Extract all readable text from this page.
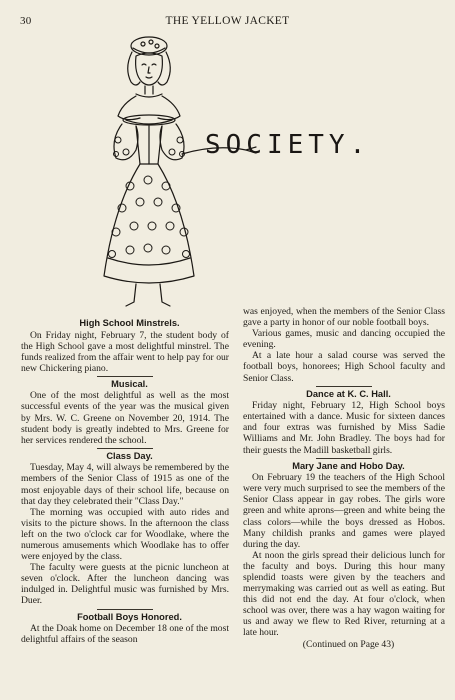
30	THE YELLOW JACKET
SOCIETY.

High School Minstrels.

On Friday night, February 7, the student body of the High School gave a most delightful minstrel. The funds realized from the affair went to help pay for our new Chickering piano.

Musical.

One of the most delightful as well as the most successful events of the year was the musical given by Mrs. W. C. Greene on November 20, 1914. The student body is greatly indebted to Mrs. Greene for her services rendered the school.

Class Day.

Tuesday, May 4, will always be remembered by the members of the Senior Class of 1915 as one of the most enjoyable days of their school life, because on that day they celebrated their "Class Day."

The morning was occupied with auto rides and visits to the picture shows. In the afternoon the class left on the two o'clock car for Woodlake, where the numerous amusements which Woodlake has to offer were enjoyed by the class.

The faculty were guests at the picnic luncheon at seven o'clock. After the luncheon dancing was indulged in. Delightful music was furnished by Mrs. Duer.

Football Boys Honored.

At the Doak home on December 18 one of the most delightful affairs of the season

was enjoyed, when the members of the Senior Class gave a party in honor of our noble football boys.

Various games, music and dancing occupied the evening.

At a late hour a salad course was served the football boys, honorees; High School faculty and Senior Class.

Dance at K. C. Hall.

Friday night, February 12, High School boys entertained with a dance. Music for sixteen dances and four extras was furnished by Miss Sadie Williams and Mr. John Bradley. The boys had for their guests the Madill basketball girls.

Mary Jane and Hobo Day.

On February 19 the teachers of the High School were very much surprised to see the members of the Senior Class appear in gay robes. The girls wore green and white aprons—green and white being the class colors—while the boys dressed as Hobos. Many childish pranks and games were played during the day.

At noon the girls spread their delicious lunch for the faculty and boys. During this hour many splendid toasts were given by the teachers and merrymaking was carried out as well as eating. But this did not end the day. At four o'clock, when school was over, there was a hay wagon waiting for us and away we flew to Red River, returning at a late hour.

(Continued on Page 43)
